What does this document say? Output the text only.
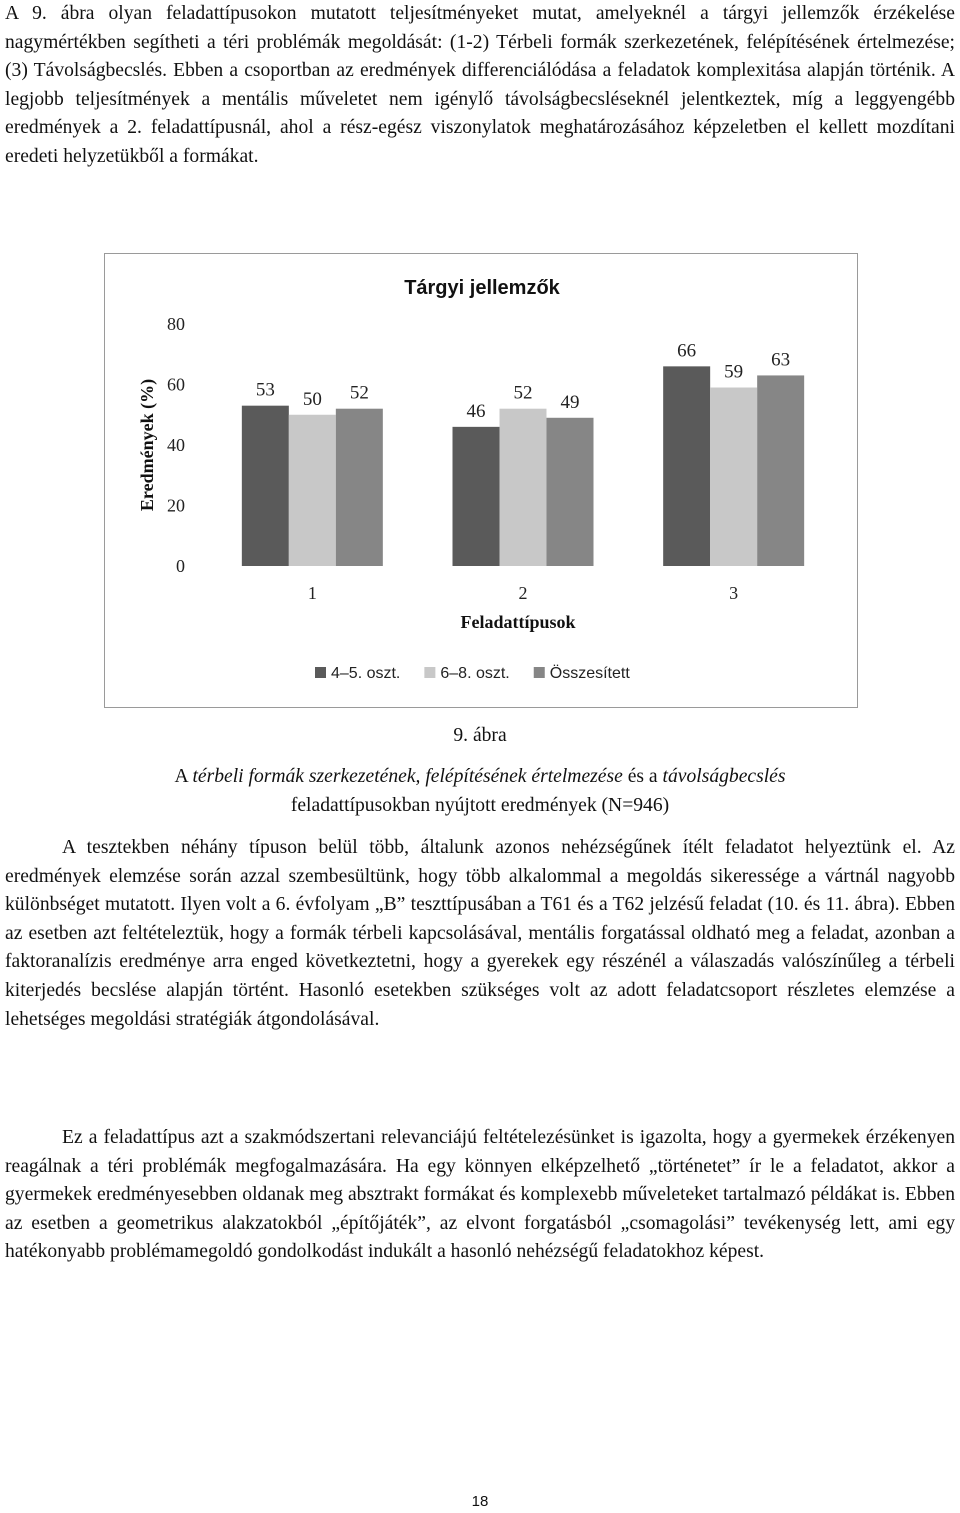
A 9. ábra olyan feladattípusokon mutatott teljesítményeket mutat, amelyeknél a tárgyi jellemzők érzékelése nagymértékben segítheti a téri problémák megoldását: (1-2) Térbeli formák szerkezetének, felépítésének értelmezése; (3) Távolságbecslés. Ebben a csoportban az eredmények differenciálódása a feladatok komplexitása alapján történik. A legjobb teljesítmények a mentális műveletet nem igénylő távolságbecsléseknél jelentkeztek, míg a leggyengébb eredmények a 2. feladattípusnál, ahol a rész-egész viszonylatok meghatározásához képzeletben el kellett mozdítani eredeti helyzetükből a formákat.

Tárgyi jellemzők
Eredmények (%)
Feladattípusok
0
20
40
60
80
1	2	3
53 50 52
46
52 49
66
59
63
4–5. oszt.	6–8. oszt.	Összesített
9. ábra
A térbeli formák szerkezetének, felépítésének értelmezése és a távolságbecslés
feladattípusokban nyújtott eredmények (N=946)

A tesztekben néhány típuson belül több, általunk azonos nehézségűnek ítélt feladatot helyeztünk el. Az eredmények elemzése során azzal szembesültünk, hogy több alkalommal a megoldás sikeressége a vártnál nagyobb különbséget mutatott. Ilyen volt a 6. évfolyam „B” teszttípusában a T61 és a T62 jelzésű feladat (10. és 11. ábra). Ebben az esetben azt feltételeztük, hogy a formák térbeli kapcsolásával, mentális forgatással oldható meg a feladat, azonban a faktoranalízis eredménye arra enged következtetni, hogy a gyerekek egy részénél a válaszadás valószínűleg a térbeli kiterjedés becslése alapján történt. Hasonló esetekben szükséges volt az adott feladatcsoport részletes elemzése a lehetséges megoldási stratégiák átgondolásával.

Ez a feladattípus azt a szakmódszertani relevanciájú feltételezésünket is igazolta, hogy a gyermekek érzékenyen reagálnak a téri problémák megfogalmazására. Ha egy könnyen elképzelhető „történetet” ír le a feladatot, akkor a gyermekek eredményesebben oldanak meg absztrakt formákat és komplexebb műveleteket tartalmazó példákat is. Ebben az esetben a geometrikus alakzatokból „építőjáték”, az elvont forgatásból „csomagolási” tevékenység lett, ami egy hatékonyabb problémamegoldó gondolkodást indukált a hasonló nehézségű feladatokhoz képest.

18
